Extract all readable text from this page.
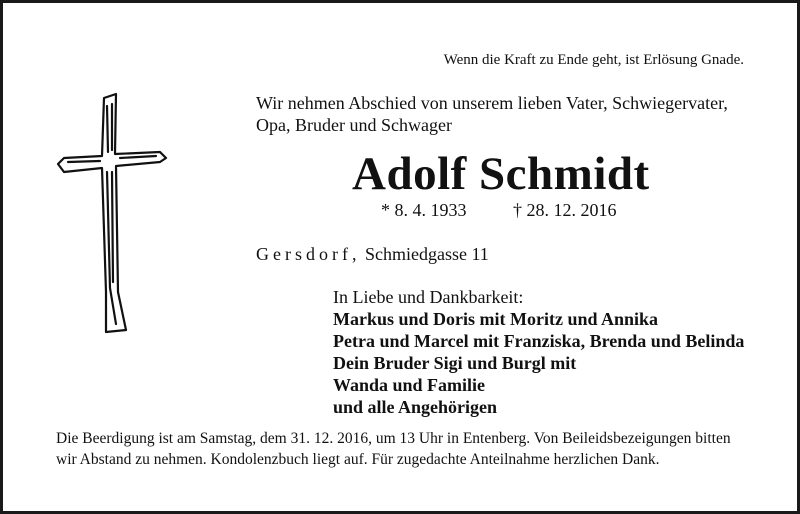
Wenn die Kraft zu Ende geht, ist Erlösung Gnade.
Wir nehmen Abschied von unserem lieben Vater, Schwiegervater,
Opa, Bruder und Schwager
Adolf Schmidt
* 8. 4. 1933	† 28. 12. 2016
Gersdorf, Schmiedgasse 11
In Liebe und Dankbarkeit:
Markus und Doris mit Moritz und Annika
Petra und Marcel mit Franziska, Brenda und Belinda
Dein Bruder Sigi und Burgl mit
Wanda und Familie
und alle Angehörigen
Die Beerdigung ist am Samstag, dem 31. 12. 2016, um 13 Uhr in Entenberg. Von Beileidsbezeigungen bitten
wir Abstand zu nehmen. Kondolenzbuch liegt auf. Für zugedachte Anteilnahme herzlichen Dank.
